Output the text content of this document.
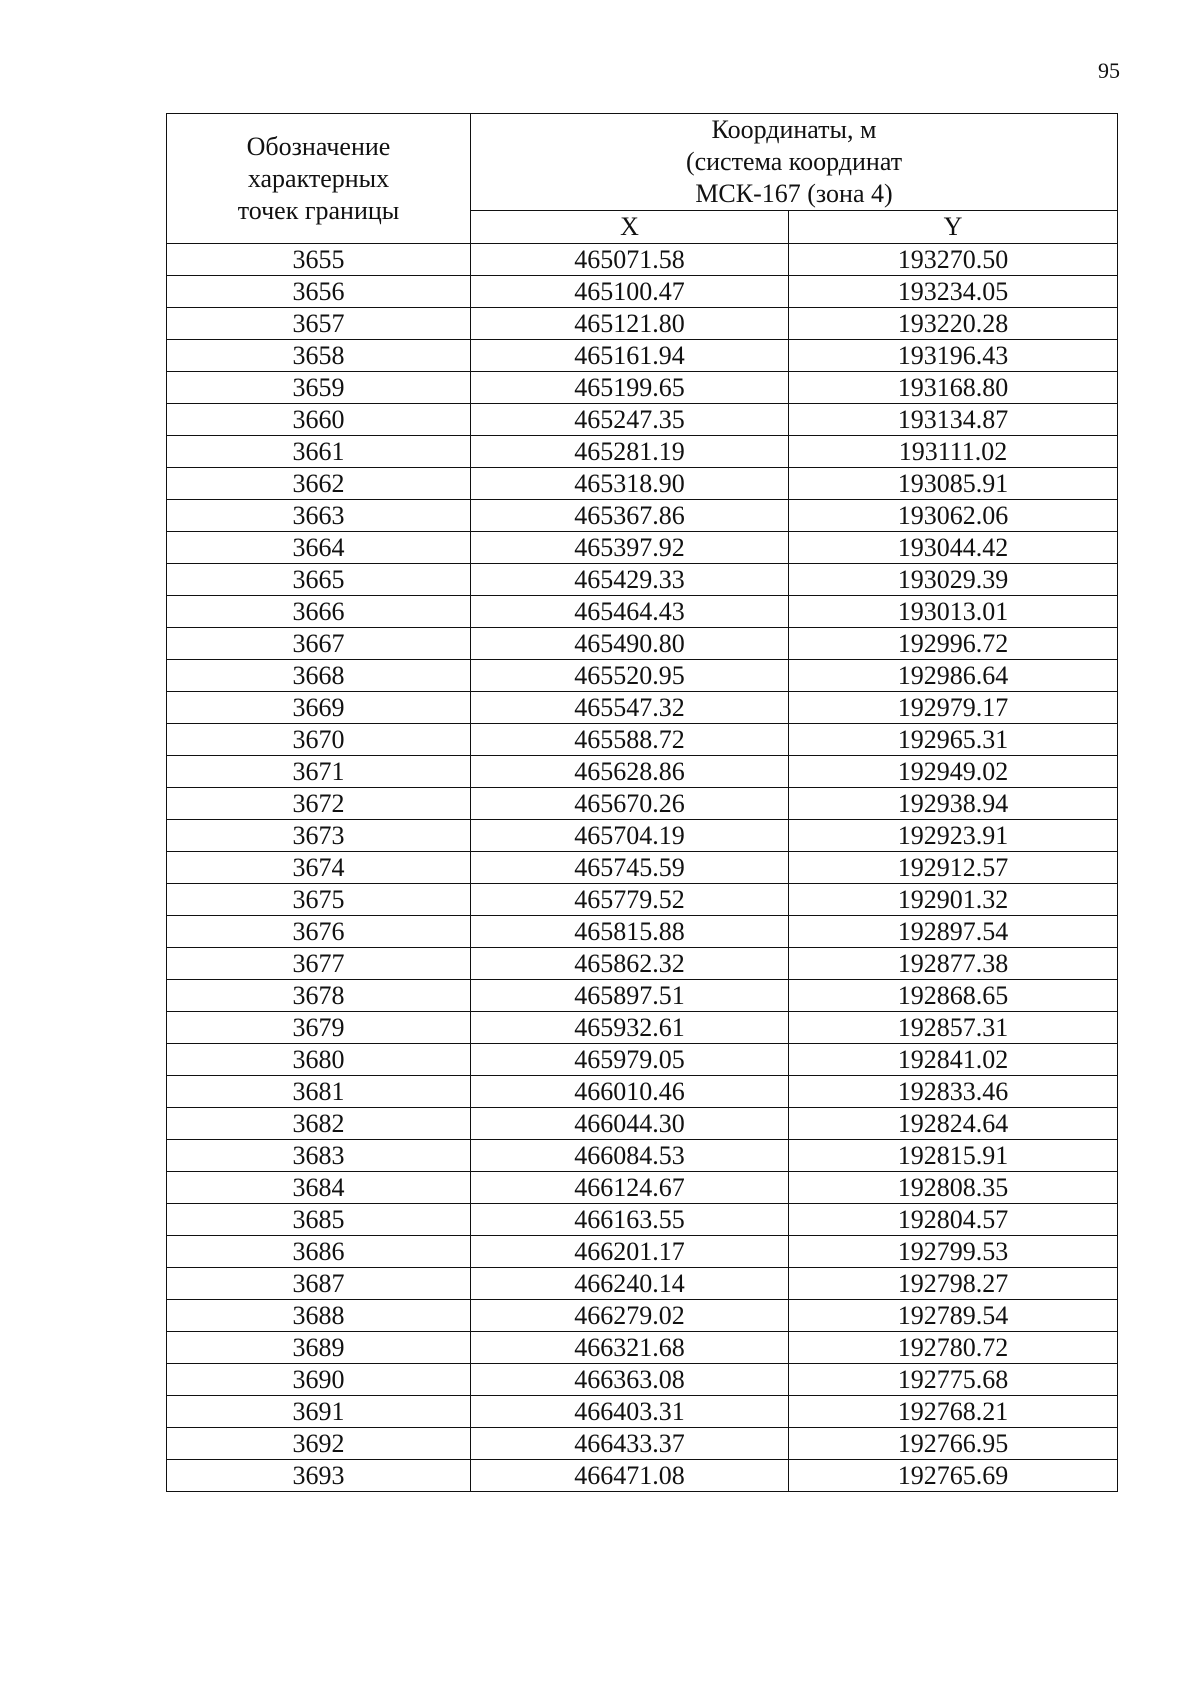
95
Обозначение
характерных
точек границы	Координаты, м
(система координат
МСК-167 (зона 4)	

	X	Y
3655	465071.58	193270.50
3656	465100.47	193234.05
3657	465121.80	193220.28
3658	465161.94	193196.43
3659	465199.65	193168.80
3660	465247.35	193134.87
3661	465281.19	193111.02
3662	465318.90	193085.91
3663	465367.86	193062.06
3664	465397.92	193044.42
3665	465429.33	193029.39
3666	465464.43	193013.01
3667	465490.80	192996.72
3668	465520.95	192986.64
3669	465547.32	192979.17
3670	465588.72	192965.31
3671	465628.86	192949.02
3672	465670.26	192938.94
3673	465704.19	192923.91
3674	465745.59	192912.57
3675	465779.52	192901.32
3676	465815.88	192897.54
3677	465862.32	192877.38
3678	465897.51	192868.65
3679	465932.61	192857.31
3680	465979.05	192841.02
3681	466010.46	192833.46
3682	466044.30	192824.64
3683	466084.53	192815.91
3684	466124.67	192808.35
3685	466163.55	192804.57
3686	466201.17	192799.53
3687	466240.14	192798.27
3688	466279.02	192789.54
3689	466321.68	192780.72
3690	466363.08	192775.68
3691	466403.31	192768.21
3692	466433.37	192766.95
3693	466471.08	192765.69
